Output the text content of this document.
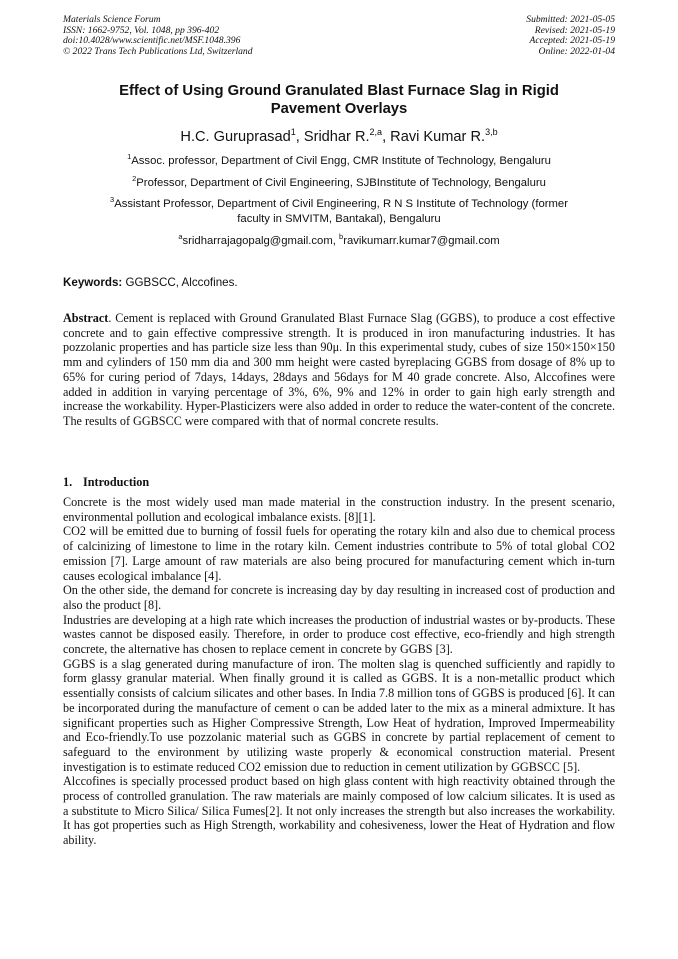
Materials Science Forum
ISSN: 1662-9752, Vol. 1048, pp 396-402
doi:10.4028/www.scientific.net/MSF.1048.396
© 2022 Trans Tech Publications Ltd, Switzerland
Submitted: 2021-05-05
Revised: 2021-05-19
Accepted: 2021-05-19
Online: 2022-01-04
Effect of Using Ground Granulated Blast Furnace Slag in Rigid
Pavement Overlays
H.C. Guruprasad$^1$, Sridhar R.$^{2,a}$, Ravi Kumar R.$^{3,b}$
$^1$Assoc. professor, Department of Civil Engg, CMR Institute of Technology, Bengaluru
$^2$Professor, Department of Civil Engineering, SJBInstitute of Technology, Bengaluru
$^3$Assistant Professor, Department of Civil Engineering, R N S Institute of Technology (former
faculty in SMVITM, Bantakal), Bengaluru
$^a$sridharrajagopalg@gmail.com, $^b$ravikumarr.kumar7@gmail.com
Keywords: GGBSCC, Alccofines.
Abstract. Cement is replaced with Ground Granulated Blast Furnace Slag (GGBS), to produce a cost effective concrete and to gain effective compressive strength. It is produced in iron manufacturing industries. It has pozzolanic properties and has particle size less than 90μ. In this experimental study, cubes of size 150×150×150 mm and cylinders of 150 mm dia and 300 mm height were casted byreplacing GGBS from dosage of 8% up to 65% for curing period of 7days, 14days, 28days and 56days for M 40 grade concrete. Also, Alccofines were added in addition in varying percentage of 3%, 6%, 9% and 12% in order to gain high early strength and increase the workability. Hyper-Plasticizers were also added in order to reduce the water-content of the concrete. The results of GGBSCC were compared with that of normal concrete results.
1. Introduction

Concrete is the most widely used man made material in the construction industry. In the present scenario, environmental pollution and ecological imbalance exists. [8][1].

CO2 will be emitted due to burning of fossil fuels for operating the rotary kiln and also due to chemical process of calcinizing of limestone to lime in the rotary kiln. Cement industries contribute to 5% of total global CO2 emission [7]. Large amount of raw materials are also being procured for manufacturing cement which in-turn causes ecological imbalance [4].

On the other side, the demand for concrete is increasing day by day resulting in increased cost of production and also the product [8].

Industries are developing at a high rate which increases the production of industrial wastes or by-products. These wastes cannot be disposed easily. Therefore, in order to produce cost effective, eco-friendly and high strength concrete, the alternative has chosen to replace cement in concrete by GGBS [3].

GGBS is a slag generated during manufacture of iron. The molten slag is quenched sufficiently and rapidly to form glassy granular material. When finally ground it is called as GGBS. It is a non-metallic product which essentially consists of calcium silicates and other bases. In India 7.8 million tons of GGBS is produced [6]. It can be incorporated during the manufacture of cement o can be added later to the mix as a mineral admixture. It has significant properties such as Higher Compressive Strength, Low Heat of hydration, Improved Impermeability and Eco-friendly.To use pozzolanic material such as GGBS in concrete by partial replacement of cement to safeguard to the environment by utilizing waste properly & economical construction material. Present investigation is to estimate reduced CO2 emission due to reduction in cement utilization by GGBSCC [5].

Alccofines is specially processed product based on high glass content with high reactivity obtained through the process of controlled granulation. The raw materials are mainly composed of low calcium silicates. It is used as a substitute to Micro Silica/ Silica Fumes[2]. It not only increases the strength but also increases the workability. It has got properties such as High Strength, workability and cohesiveness, lower the Heat of Hydration and flow ability.
